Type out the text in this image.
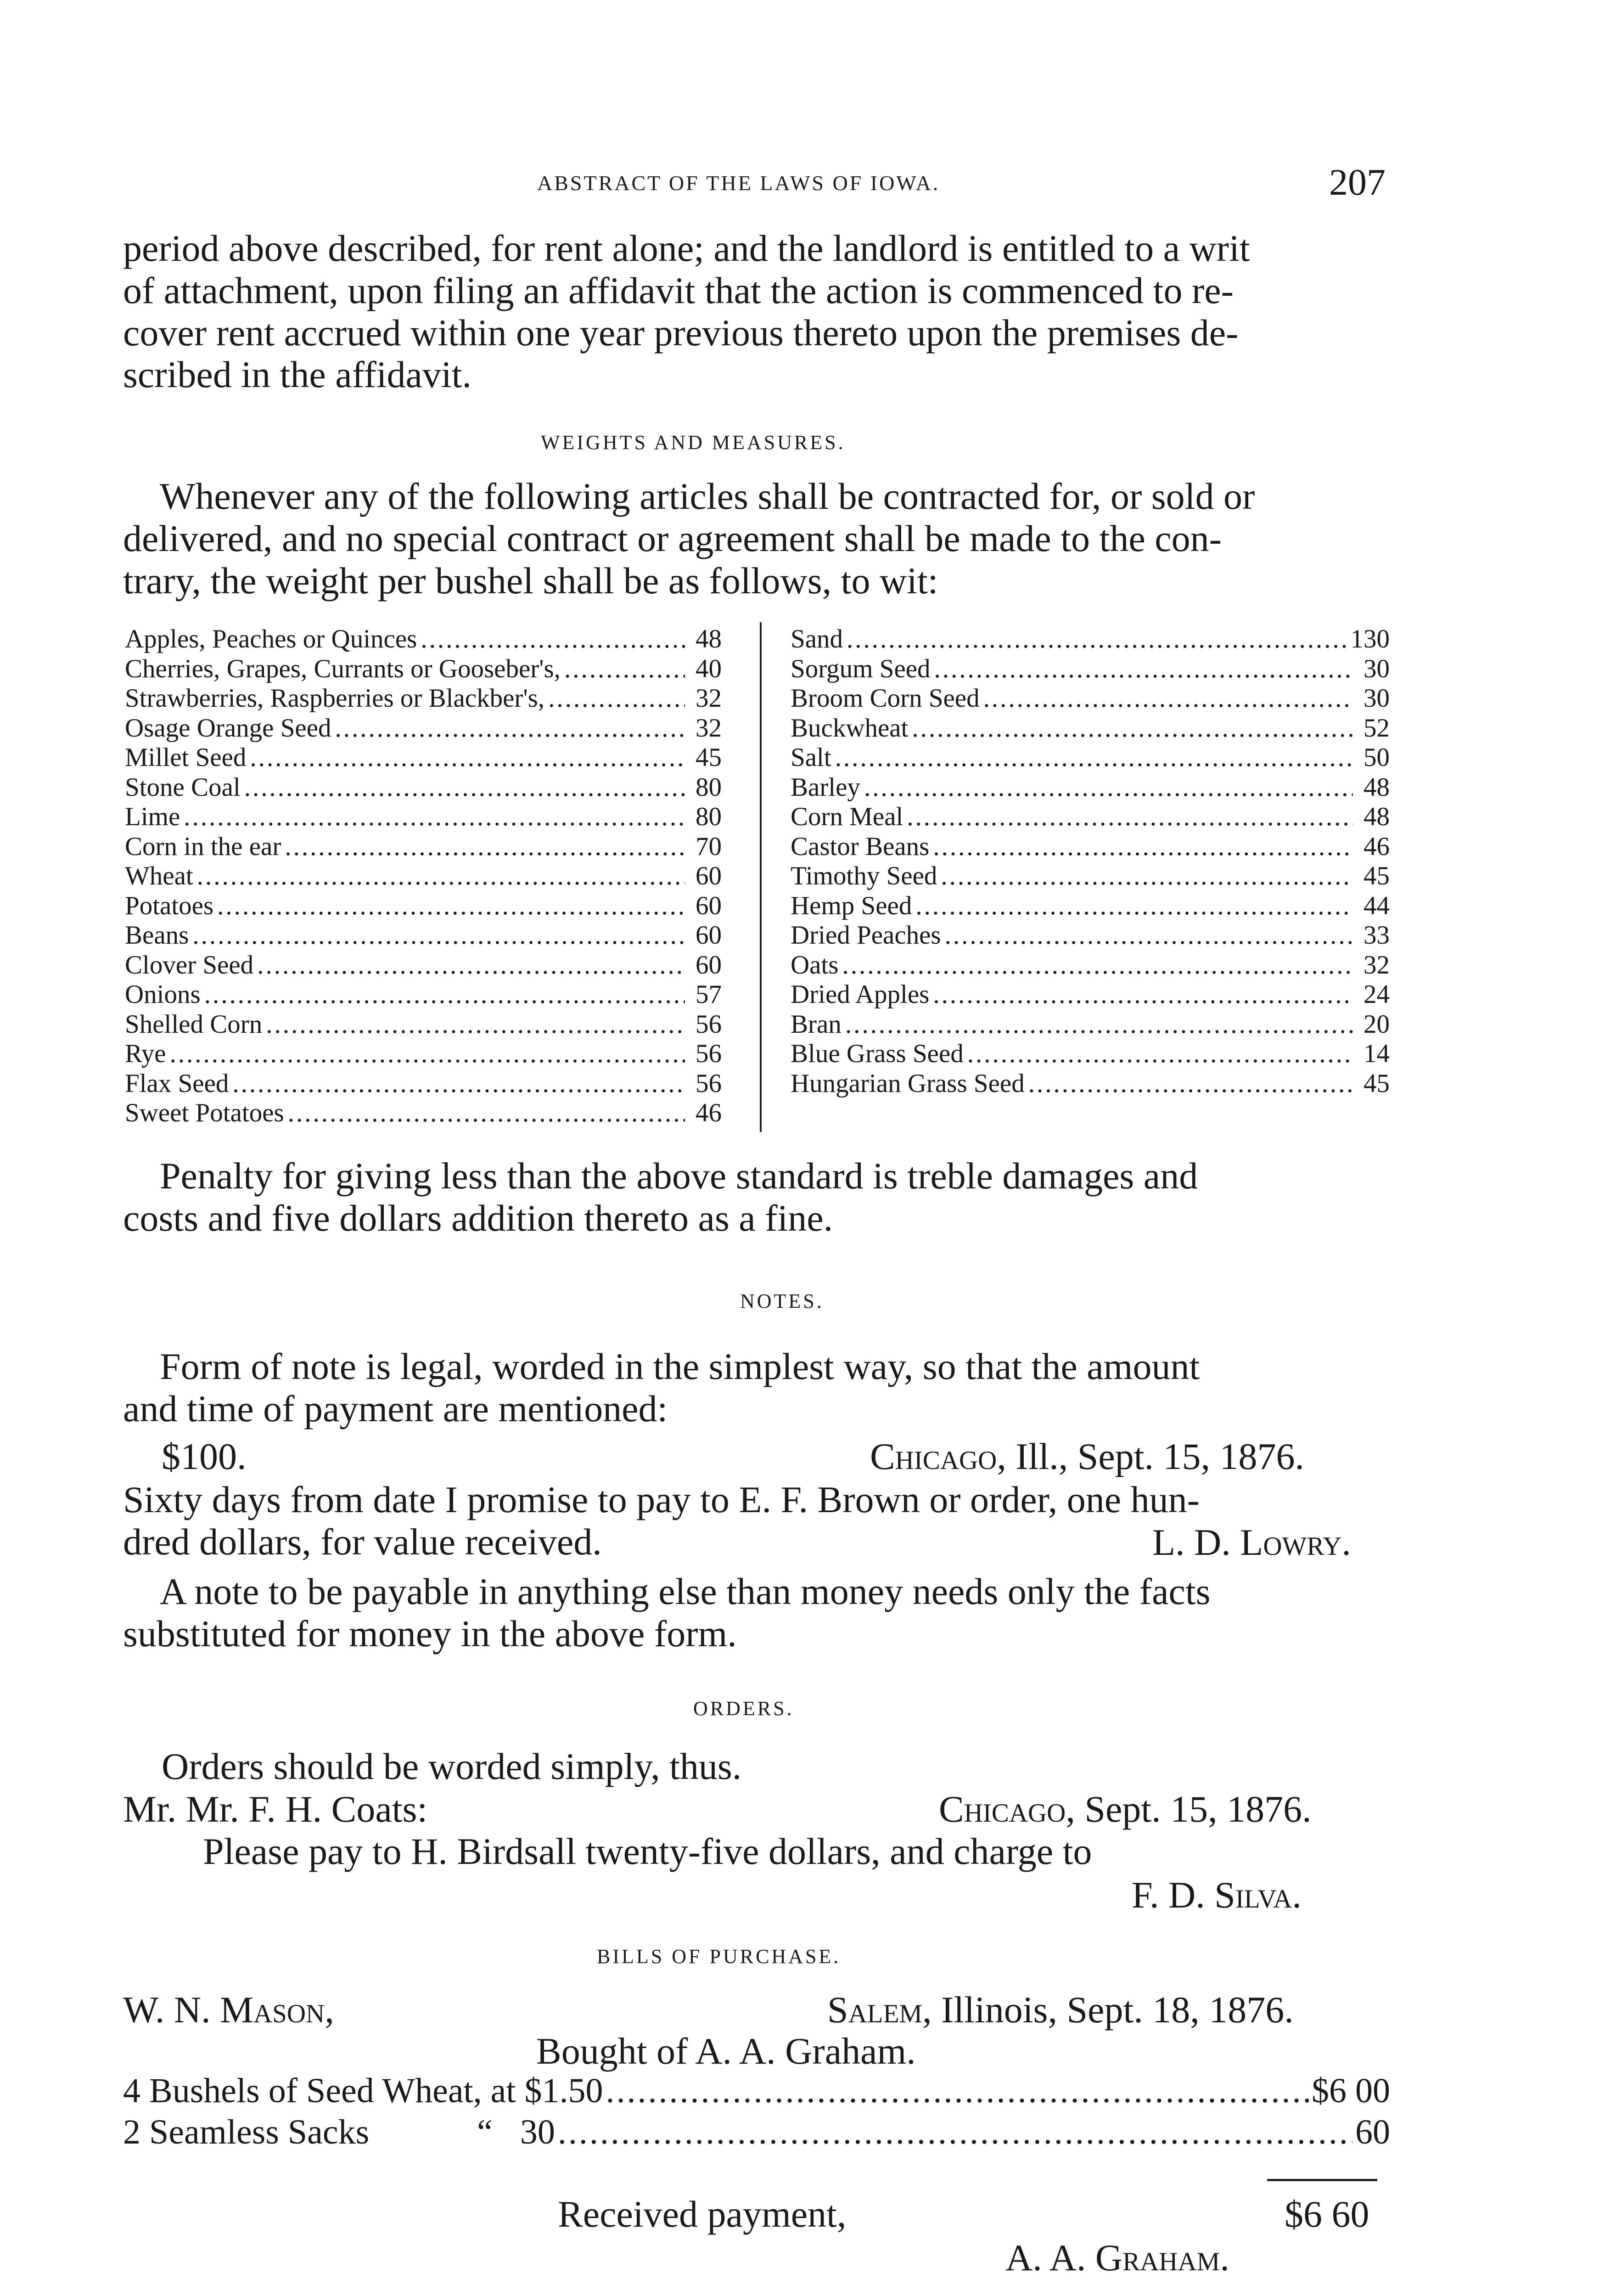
ABSTRACT OF THE LAWS OF IOWA.	207
period above described, for rent alone; and the landlord is entitled to a writ
of attachment, upon filing an affidavit that the action is commenced to re-
cover rent accrued within one year previous thereto upon the premises de-
scribed in the affidavit.
WEIGHTS AND MEASURES.
Whenever any of the following articles shall be contracted for, or sold or
delivered, and no special contract or agreement shall be made to the con-
trary, the weight per bushel shall be as follows, to wit:
Apples, Peaches or Quinces .....	48
Cherries, Grapes, Currants or Gooseber's, .....	40
Strawberries, Raspberries or Blackber's, .....	32
Osage Orange Seed .....	32
Millet Seed .....	45
Stone Coal .....	80
Lime .....	80
Corn in the ear .....	70
Wheat .....	60
Potatoes .....	60
Beans .....	60
Clover Seed .....	60
Onions .....	57
Shelled Corn .....	56
Rye .....	56
Flax Seed .....	56
Sweet Potatoes .....	46
Sand .....	130
Sorgum Seed .....	30
Broom Corn Seed .....	30
Buckwheat .....	52
Salt .....	50
Barley .....	48
Corn Meal .....	48
Castor Beans .....	46
Timothy Seed .....	45
Hemp Seed .....	44
Dried Peaches .....	33
Oats .....	32
Dried Apples .....	24
Bran .....	20
Blue Grass Seed .....	14
Hungarian Grass Seed .....	45
Penalty for giving less than the above standard is treble damages and
costs and five dollars addition thereto as a fine.
NOTES.
Form of note is legal, worded in the simplest way, so that the amount
and time of payment are mentioned:
$100.	Chicago, Ill., Sept. 15, 1876.
Sixty days from date I promise to pay to E. F. Brown or order, one hun-
dred dollars, for value received.	L. D. Lowry.
A note to be payable in anything else than money needs only the facts
substituted for money in the above form.
ORDERS.
Orders should be worded simply, thus.
Mr. Mr. F. H. Coats:	Chicago, Sept. 15, 1876.
Please pay to H. Birdsall twenty-five dollars, and charge to
F. D. Silva.
BILLS OF PURCHASE.
W. N. Mason,	Salem, Illinois, Sept. 18, 1876.
Bought of A. A. Graham.
4 Bushels of Seed Wheat, at $1.50 .....	$6 00
2 Seamless Sacks	“ 30 .....	60
Received payment,	$6 60
A. A. Graham.
